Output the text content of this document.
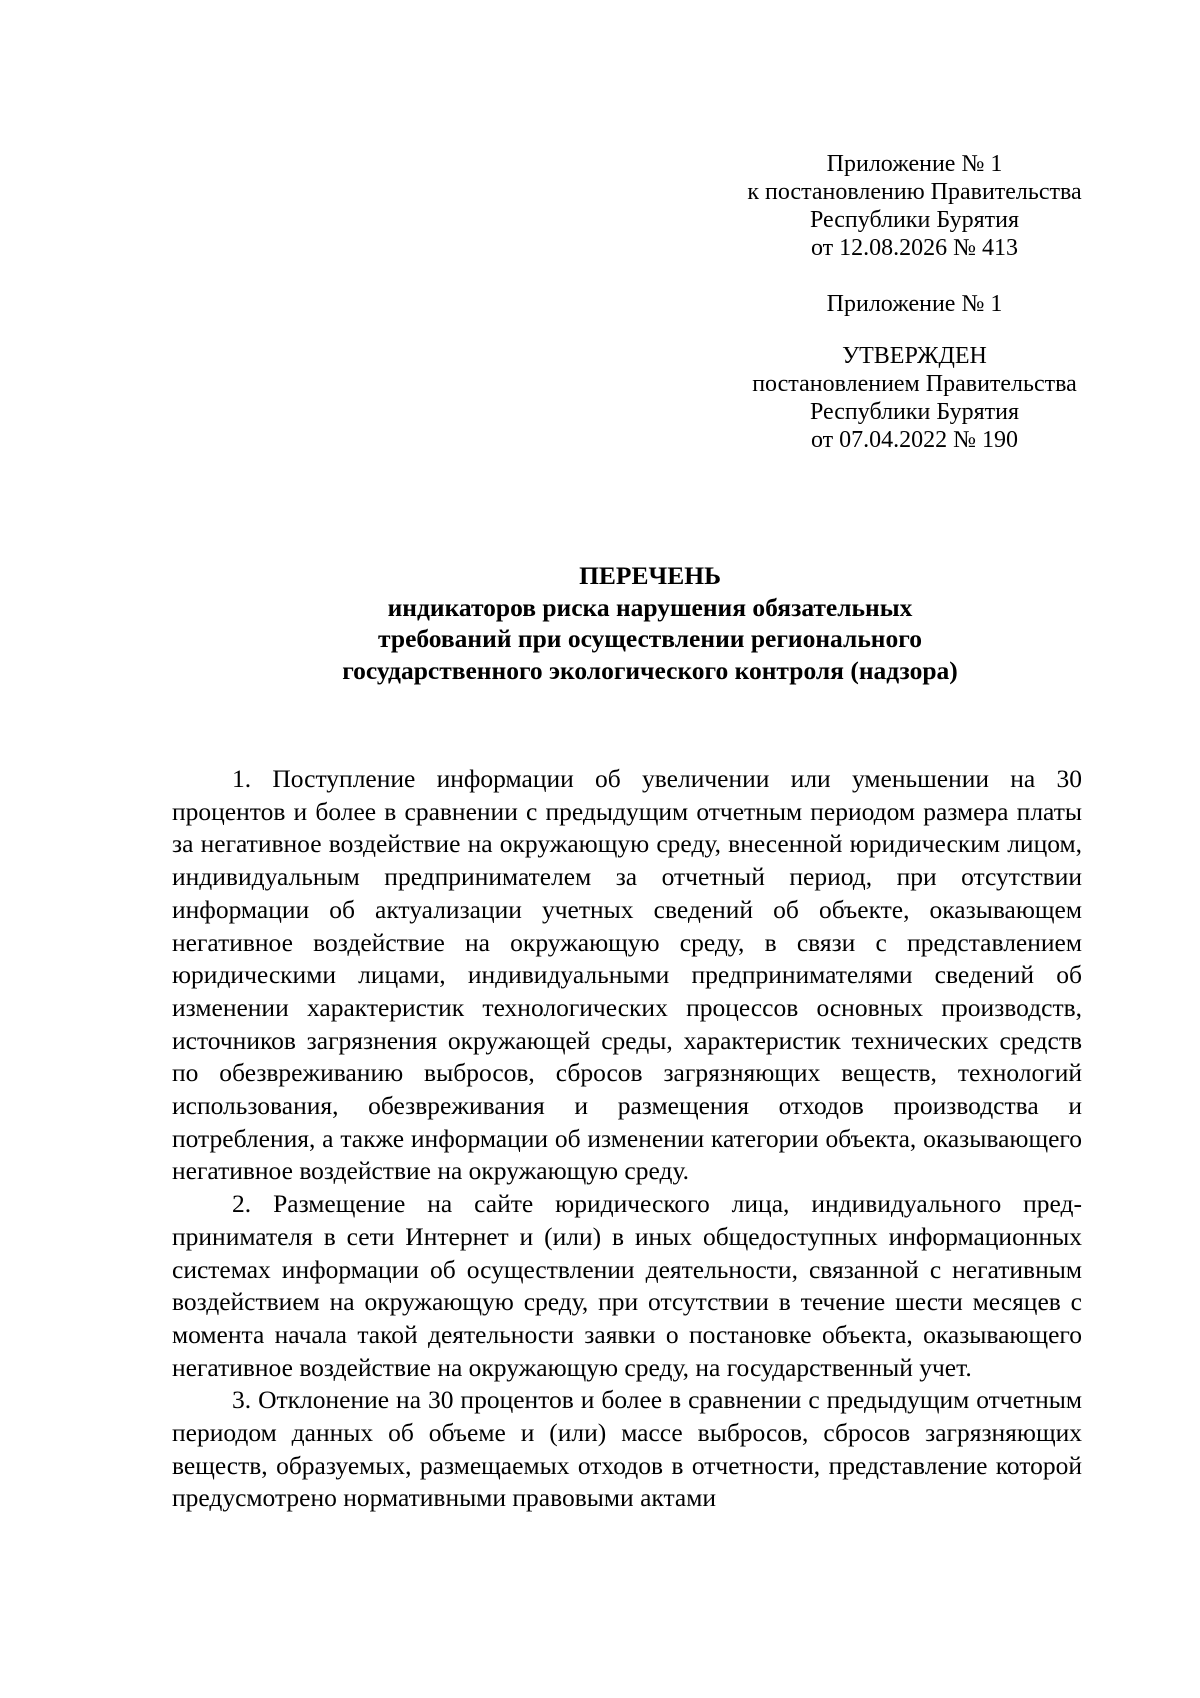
Приложение № 1
к постановлению Правительства
Республики Бурятия
от 12.08.2026 № 413
Приложение № 1
УТВЕРЖДЕН
постановлением Правительства
Республики Бурятия
от 07.04.2022 № 190
ПЕРЕЧЕНЬ
индикаторов риска нарушения обязательных
требований при осуществлении регионального
государственного экологического контроля (надзора)

1. Поступление информации об увеличении или уменьшении на 30 процентов и более в сравнении с предыдущим отчетным периодом размера платы за негативное воздействие на окружающую среду, внесенной юридическим лицом, индивидуальным предпринимателем за отчетный период, при отсутствии информации об актуализации учетных сведений об объекте, оказывающем негативное воздействие на окружающую среду, в связи с представлением юридическими лицами, индивидуальными предпринимателями сведений об изменении характеристик технологических процессов основных производств, источников загрязнения окружающей среды, характеристик технических средств по обезвреживанию выбросов, сбросов загрязняющих веществ, технологий использования, обезвреживания и размещения отходов производства и потребления, а также информации об изменении категории объекта, оказывающего негативное воздействие на окружающую среду.

2. Размещение на сайте юридического лица, индивидуального предпринимателя в сети Интернет и (или) в иных общедоступных информационных системах информации об осуществлении деятельности, связанной с негативным воздействием на окружающую среду, при отсутствии в течение шести месяцев с момента начала такой деятельности заявки о постановке объекта, оказывающего негативное воздействие на окружающую среду, на государственный учет.

3. Отклонение на 30 процентов и более в сравнении с предыдущим отчетным периодом данных об объеме и (или) массе выбросов, сбросов загрязняющих веществ, образуемых, размещаемых отходов в отчетности, представление которой предусмотрено нормативными правовыми актами
